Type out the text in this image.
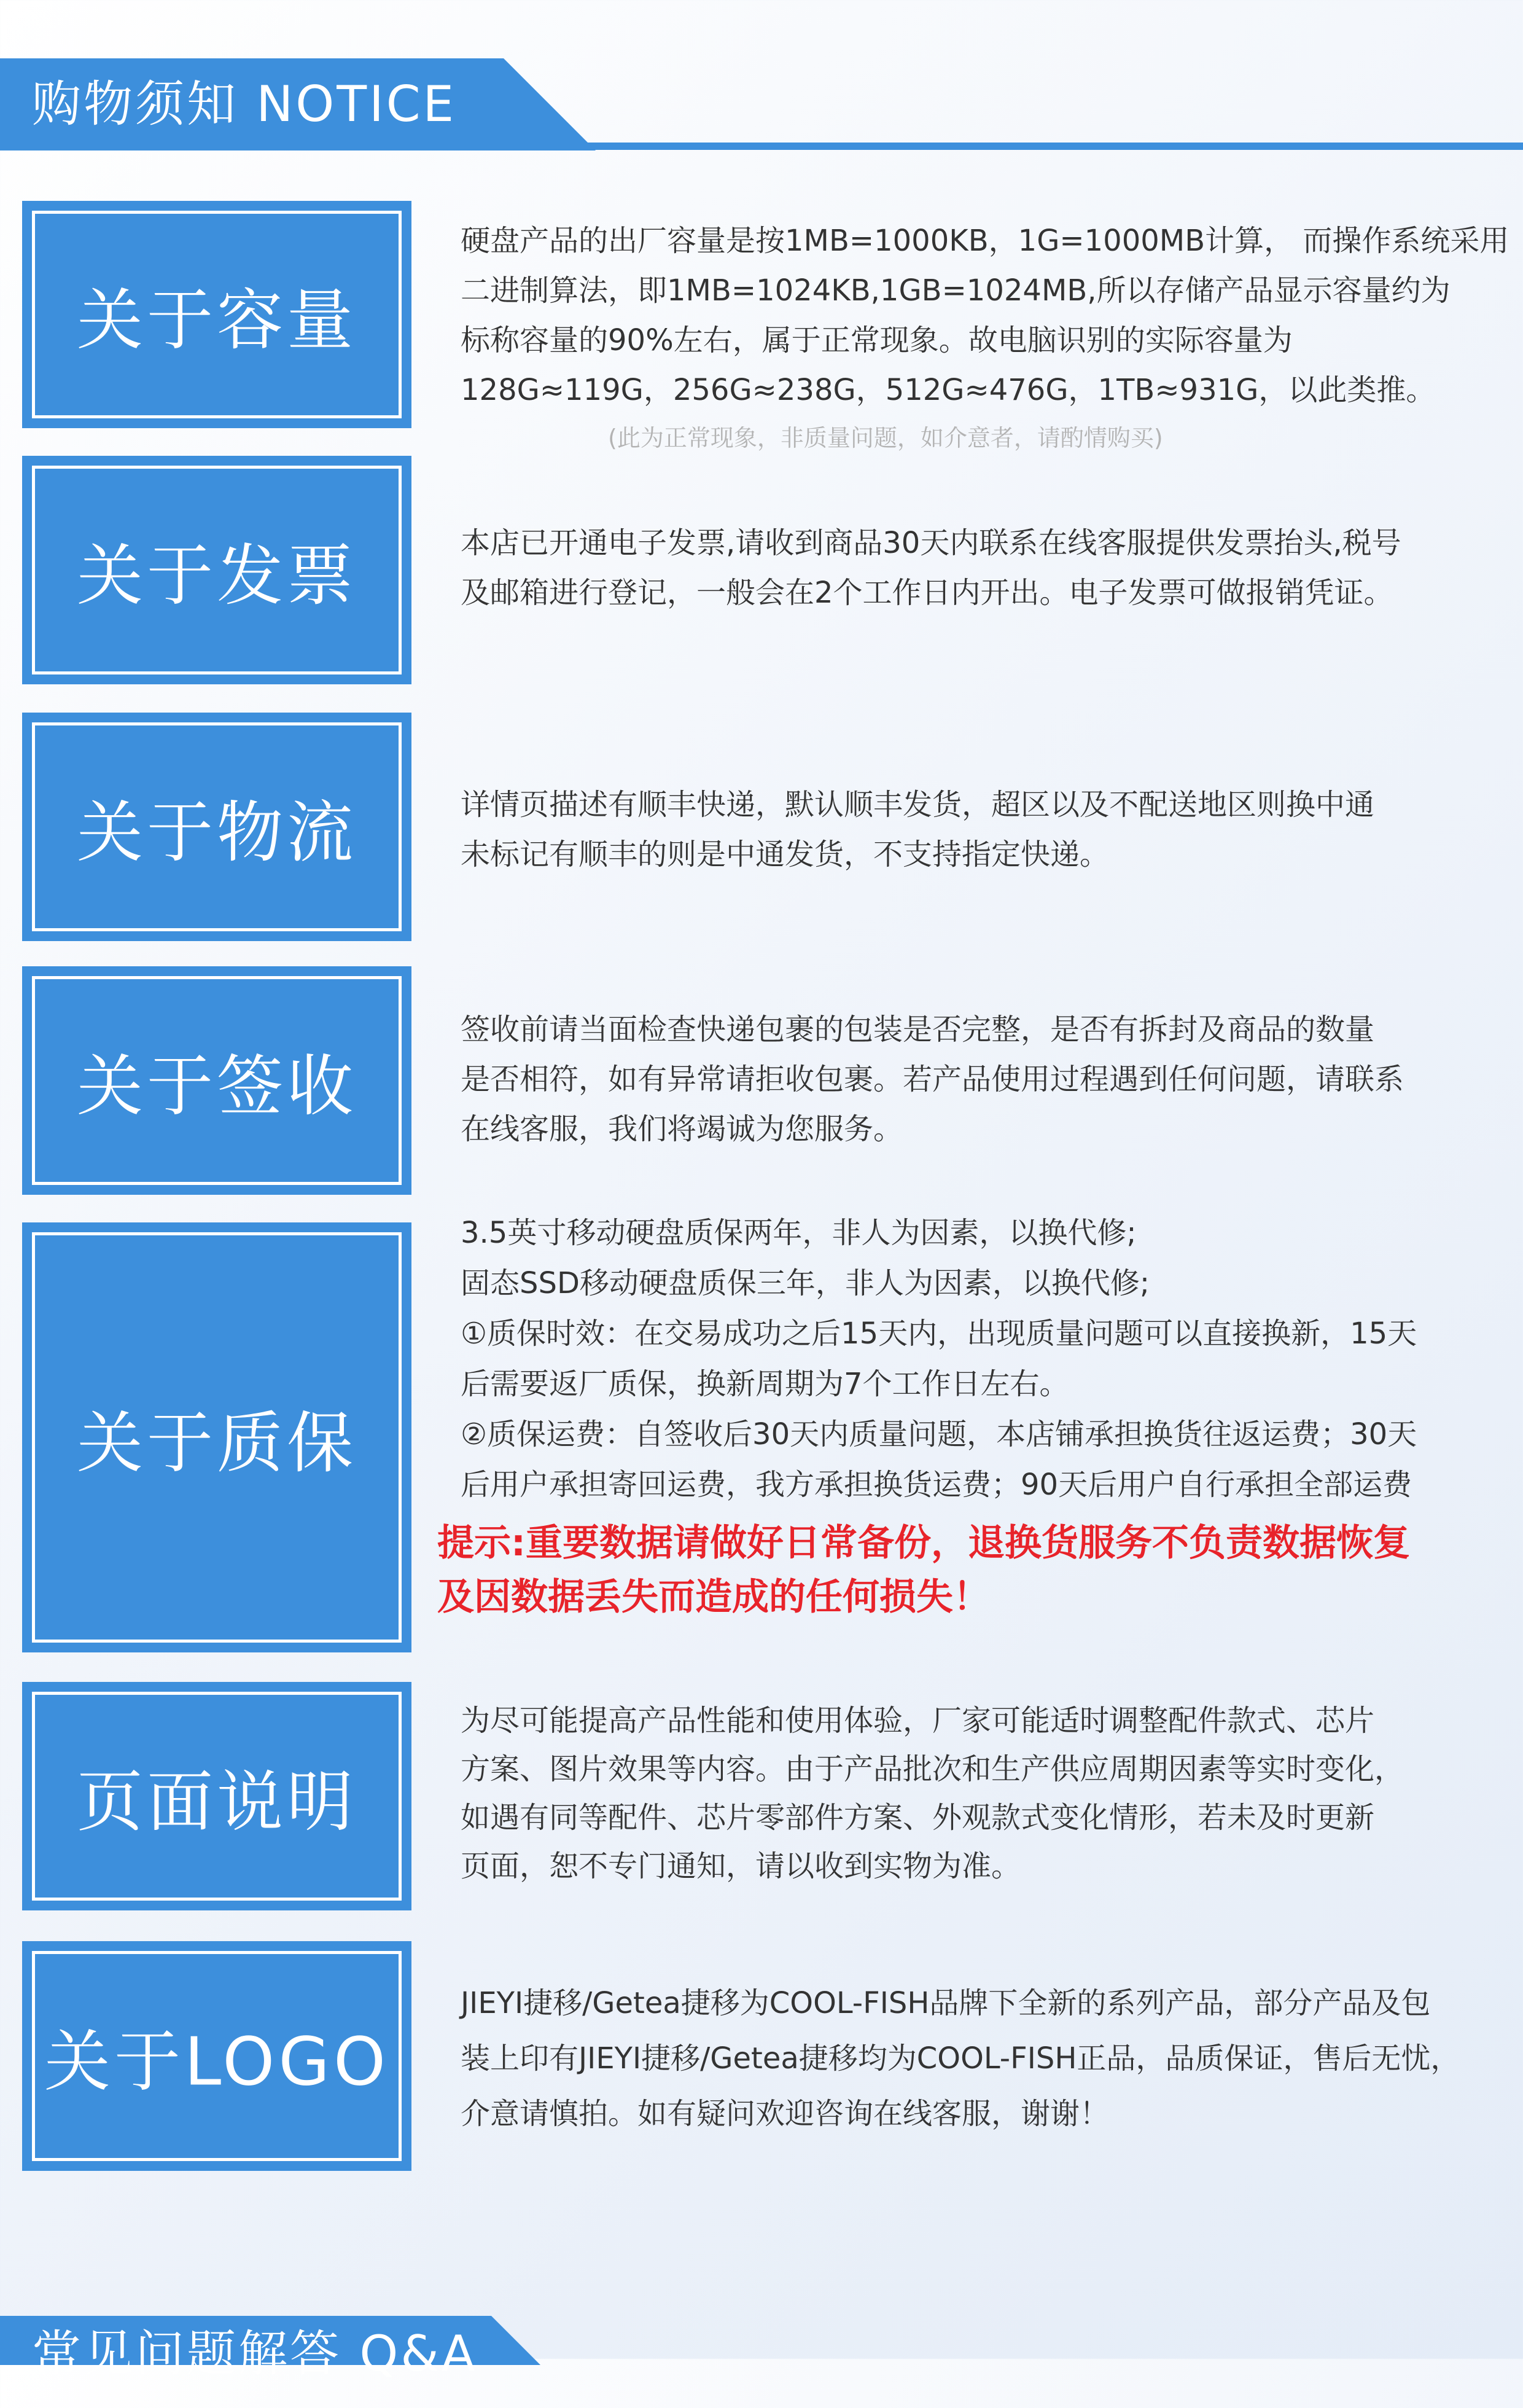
购物须知 NOTICE
关于容量
硬盘产品的出厂容量是按1MB=1000KB，1G=1000MB计算， 而操作系统采用
二进制算法，即1MB=1024KB,1GB=1024MB,所以存储产品显示容量约为
标称容量的90%左右，属于正常现象。故电脑识别的实际容量为
128G≈119G，256G≈238G，512G≈476G，1TB≈931G，以此类推。
(此为正常现象，非质量问题，如介意者，请酌情购买)
关于发票	本店已开通电子发票,请收到商品30天内联系在线客服提供发票抬头,税号
及邮箱进行登记，一般会在2个工作日内开出。电子发票可做报销凭证。
关于物流	详情页描述有顺丰快递，默认顺丰发货，超区以及不配送地区则换中通
未标记有顺丰的则是中通发货，不支持指定快递。
关于签收
签收前请当面检查快递包裹的包装是否完整，是否有拆封及商品的数量
是否相符，如有异常请拒收包裹。若产品使用过程遇到任何问题，请联系
在线客服，我们将竭诚为您服务。
关于质保
3.5英寸移动硬盘质保两年，非人为因素，以换代修;
固态SSD移动硬盘质保三年，非人为因素，以换代修;
①质保时效：在交易成功之后15天内，出现质量问题可以直接换新，15天
后需要返厂质保，换新周期为7个工作日左右。
②质保运费：自签收后30天内质量问题，本店铺承担换货往返运费；30天
后用户承担寄回运费，我方承担换货运费；90天后用户自行承担全部运费
提示:重要数据请做好日常备份，退换货服务不负责数据恢复
及因数据丢失而造成的任何损失！
页面说明
为尽可能提高产品性能和使用体验，厂家可能适时调整配件款式、芯片
方案、图片效果等内容。由于产品批次和生产供应周期因素等实时变化，
如遇有同等配件、芯片零部件方案、外观款式变化情形，若未及时更新
页面，恕不专门通知，请以收到实物为准。
关于LOGO
JIEYI捷移/Getea捷移为COOL-FISH品牌下全新的系列产品，部分产品及包
装上印有JIEYI捷移/Getea捷移均为COOL-FISH正品，品质保证，售后无忧，
介意请慎拍。如有疑问欢迎咨询在线客服，谢谢！
常见问题解答 Q&A
